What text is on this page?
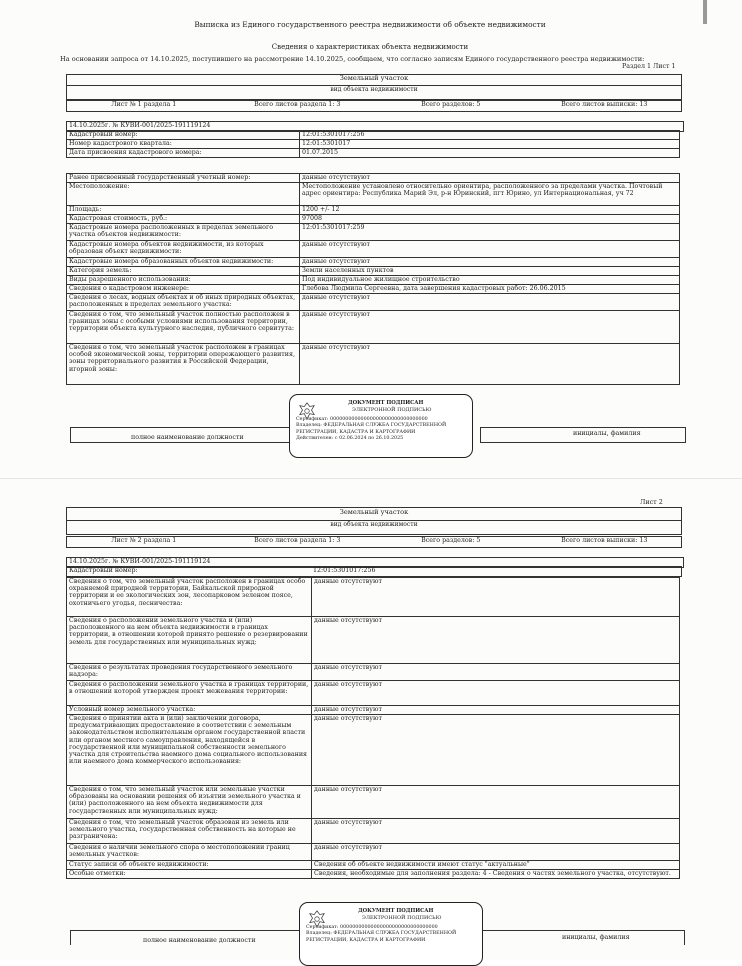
Выписка из Единого государственного реестра недвижимости об объекте недвижимости
Сведения о характеристиках объекта недвижимости
На основании запроса от 14.10.2025, поступившего на рассмотрение 14.10.2025, сообщаем, что согласно записям Единого государственного реестра недвижимости:
Раздел 1 Лист 1
Земельный участок
вид объекта недвижимости
Лист № 1 раздела 1	Всего листов раздела 1: 3	Всего разделов: 5	Всего листов выписки: 13
14.10.2025г. № КУВИ-001/2025-191119124
Кадастровый номер:	12:01:5301017:256
Номер кадастрового квартала:	12:01:5301017
Дата присвоения кадастрового номера:	01.07.2015
Ранее присвоенный государственный учетный номер:	данные отсутствуют
Местоположение:	Местоположение установлено относительно ориентира, расположенного за пределами участка. Почтовый адрес ориентира: Республика Марий Эл, р-н Юринский, пгт Юрино, ул Интернациональная, уч 72
Площадь:	1200 +/- 12
Кадастровая стоимость, руб.:	97008
Кадастровые номера расположенных в пределах земельного участка объектов недвижимости:	12:01:5301017:259
Кадастровые номера объектов недвижимости, из которых образован объект недвижимости:	данные отсутствуют
Кадастровые номера образованных объектов недвижимости:	данные отсутствуют
Категория земель:	Земли населенных пунктов
Виды разрешенного использования:	Под индивидуальное жилищное строительство
Сведения о кадастровом инженере:	Глебова Людмила Сергеевна, дата завершения кадастровых работ: 26.06.2015
Сведения о лесах, водных объектах и об иных природных объектах, расположенных в пределах земельного участка:	данные отсутствуют
Сведения о том, что земельный участок полностью расположен в границах зоны с особыми условиями использования территории, территории объекта культурного наследия, публичного сервитута:	данные отсутствуют
Сведения о том, что земельный участок расположен в границах особой экономической зоны, территории опережающего развития, зоны территориального развития в Российской Федерации, игорной зоны:	данные отсутствуют
полное наименование должности
инициалы, фамилия
ДОКУМЕНТ ПОДПИСАН
ЭЛЕКТРОННОЙ ПОДПИСЬЮ
Сертификат: 00000000000000000000000000000000
Владелец: ФЕДЕРАЛЬНАЯ СЛУЖБА ГОСУДАРСТВЕННОЙ
РЕГИСТРАЦИИ, КАДАСТРА И КАРТОГРАФИИ
Действителен: с 02.06.2024 по 26.10.2025
Лист 2
Земельный участок
вид объекта недвижимости
Лист № 2 раздела 1	Всего листов раздела 1: 3	Всего разделов: 5	Всего листов выписки: 13
14.10.2025г. № КУВИ-001/2025-191119124
Кадастровый номер:	12:01:5301017:256
Сведения о том, что земельный участок расположен в границах особо охраняемой природной территории, Байкальской природной территории и ее экологических зон, лесопарковом зеленом поясе, охотничьего угодья, лесничества:	данные отсутствуют
Сведения о расположении земельного участка и (или) расположенного на нем объекта недвижимости в границах территории, в отношении которой принято решение о резервировании земель для государственных или муниципальных нужд:	данные отсутствуют
Сведения о результатах проведения государственного земельного надзора:	данные отсутствуют
Сведения о расположении земельного участка в границах территории, в отношении которой утвержден проект межевания территории:	данные отсутствуют
Условный номер земельного участка:	данные отсутствуют
Сведения о принятии акта и (или) заключении договора, предусматривающих предоставление в соответствии с земельным законодательством исполнительным органом государственной власти или органом местного самоуправления, находящейся в государственной или муниципальной собственности земельного участка для строительства наемного дома социального использования или наемного дома коммерческого использования:	данные отсутствуют
Сведения о том, что земельный участок или земельные участки образованы на основании решения об изъятии земельного участка и (или) расположенного на нем объекта недвижимости для государственных или муниципальных нужд:	данные отсутствуют
Сведения о том, что земельный участок образован из земель или земельного участка, государственная собственность на которые не разграничена:	данные отсутствуют
Сведения о наличии земельного спора о местоположении границ земельных участков:	данные отсутствуют
Статус записи об объекте недвижимости:	Сведения об объекте недвижимости имеют статус "актуальные"
Особые отметки:	Сведения, необходимые для заполнения раздела: 4 - Сведения о частях земельного участка, отсутствуют.
полное наименование должности	инициалы, фамилия
ДОКУМЕНТ ПОДПИСАН
ЭЛЕКТРОННОЙ ПОДПИСЬЮ
Сертификат: 00000000000000000000000000000000
Владелец: ФЕДЕРАЛЬНАЯ СЛУЖБА ГОСУДАРСТВЕННОЙ
РЕГИСТРАЦИИ, КАДАСТРА И КАРТОГРАФИИ
